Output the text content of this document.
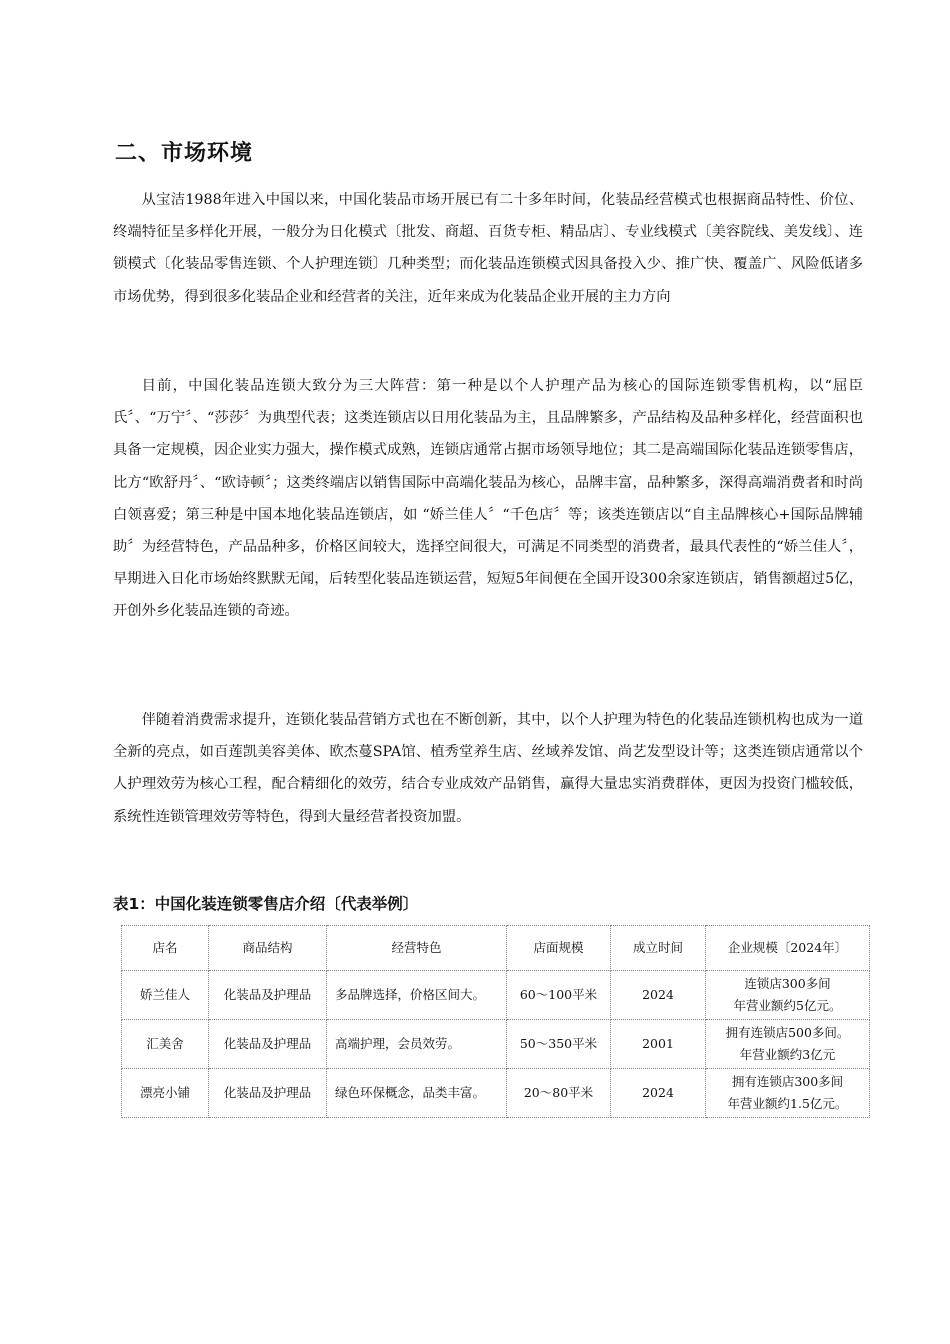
二、市场环境

从宝洁1988年进入中国以来，中国化装品市场开展已有二十多年时间，化装品经营模式也根据商品特性、价位、终端特征呈多样化开展，一般分为日化模式〔批发、商超、百货专柜、精品店〕、专业线模式〔美容院线、美发线〕、连锁模式〔化装品零售连锁、个人护理连锁〕几种类型；而化装品连锁模式因具备投入少、推广快、覆盖广、风险低诸多市场优势，得到很多化装品企业和经营者的关注，近年来成为化装品企业开展的主力方向

目前，中国化装品连锁大致分为三大阵营：第一种是以个人护理产品为核心的国际连锁零售机构，以“屈臣氏〞、“万宁〞、“莎莎〞为典型代表；这类连锁店以日用化装品为主，且品牌繁多，产品结构及品种多样化，经营面积也具备一定规模，因企业实力强大，操作模式成熟，连锁店通常占据市场领导地位；其二是高端国际化装品连锁零售店，比方“欧舒丹〞、“欧诗顿〞；这类终端店以销售国际中高端化装品为核心，品牌丰富，品种繁多，深得高端消费者和时尚白领喜爱；第三种是中国本地化装品连锁店，如 “娇兰佳人〞“千色店〞等；该类连锁店以“自主品牌核心+国际品牌辅助〞为经营特色，产品品种多，价格区间较大，选择空间很大，可满足不同类型的消费者，最具代表性的“娇兰佳人〞，早期进入日化市场始终默默无闻，后转型化装品连锁运营，短短5年间便在全国开设300余家连锁店，销售额超过5亿，开创外乡化装品连锁的奇迹。

伴随着消费需求提升，连锁化装品营销方式也在不断创新，其中，以个人护理为特色的化装品连锁机构也成为一道全新的亮点，如百莲凯美容美体、欧杰蔓SPA馆、植秀堂养生店、丝域养发馆、尚艺发型设计等；这类连锁店通常以个人护理效劳为核心工程，配合精细化的效劳，结合专业成效产品销售，赢得大量忠实消费群体，更因为投资门槛较低，系统性连锁管理效劳等特色，得到大量经营者投资加盟。

表1：中国化装连锁零售店介绍〔代表举例〕
店名	商品结构	经营特色	店面规模	成立时间	企业规模〔2024年〕
娇兰佳人	化装品及护理品	多品牌选择，价格区间大。	60～100平米	2024	连锁店300多间
年营业额约5亿元。

汇美舍	化装品及护理品	高端护理，会员效劳。	50～350平米	2001	拥有连锁店500多间。
年营业额约3亿元

漂亮小铺	化装品及护理品	绿色环保概念，品类丰富。	20～80平米	2024	拥有连锁店300多间
年营业额约1.5亿元。
